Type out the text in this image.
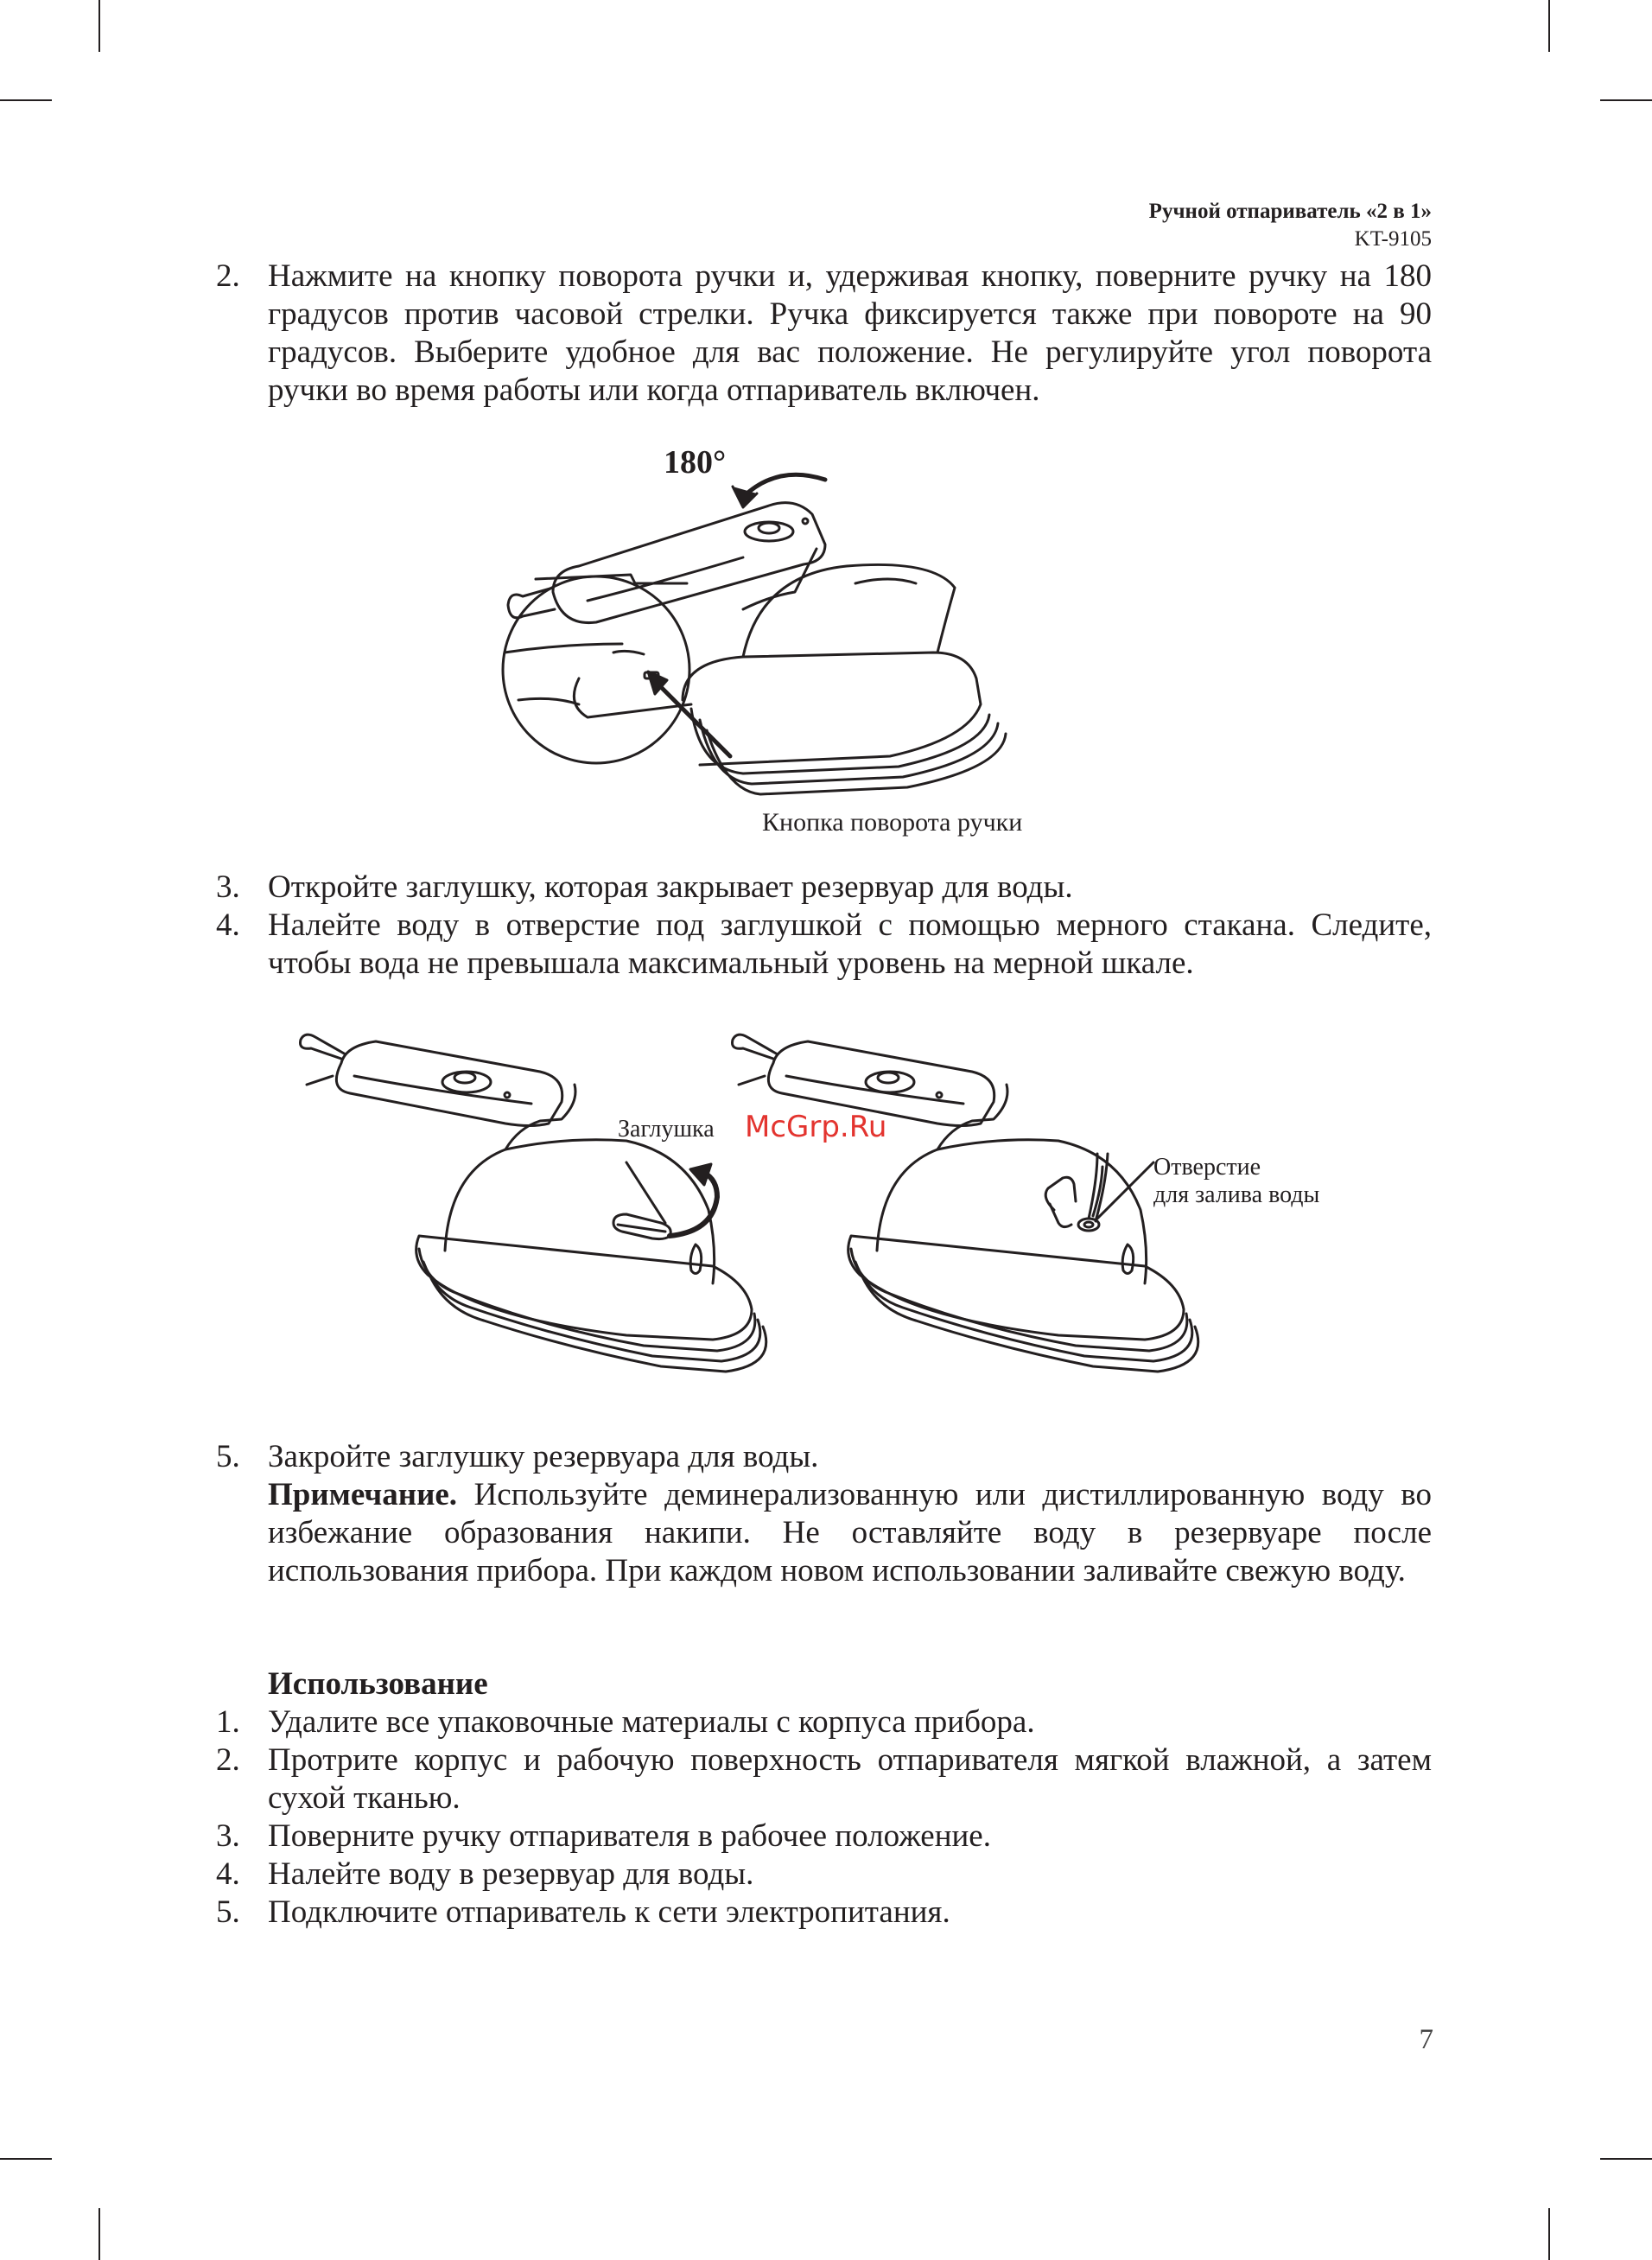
Ручной отпариватель «2 в 1»
KT-9105
2. Нажмите на кнопку поворота ручки и, удерживая кнопку, поверните ручку на 180 градусов против часовой стрелки. Ручка фиксируется также при повороте на 90 градусов. Выберите удобное для вас положение. Не регулируйте угол поворота ручки во время работы или когда отпариватель включен.
180°
Кнопка поворота ручки
3. Откройте заглушку, которая закрывает резервуар для воды.
4. Налейте воду в отверстие под заглушкой с помощью мерного стакана. Следите, чтобы вода не превышала максимальный уровень на мерной шкале.
Заглушка McGrp.Ru
Отверстие
для залива воды
5. Закройте заглушку резервуара для воды.
Примечание. Используйте деминерализованную или дистиллированную воду во избежание образования накипи. Не оставляйте воду в резервуаре после использования прибора. При каждом новом использовании заливайте свежую воду.
Использование
1. Удалите все упаковочные материалы с корпуса прибора.
2. Протрите корпус и рабочую поверхность отпаривателя мягкой влажной, а затем сухой тканью.
3. Поверните ручку отпаривателя в рабочее положение.
4. Налейте воду в резервуар для воды.
5. Подключите отпариватель к сети электропитания.
7
